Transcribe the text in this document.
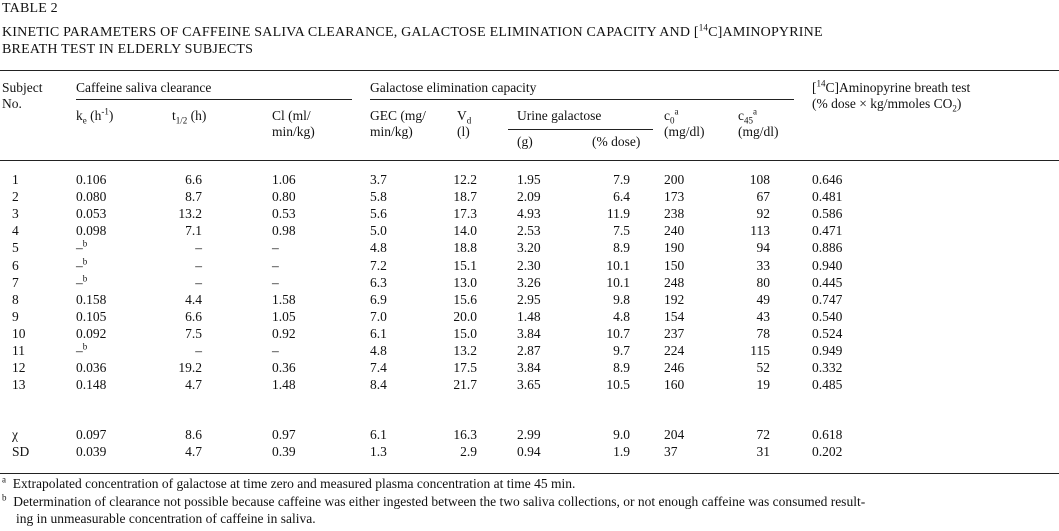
TABLE 2
KINETIC PARAMETERS OF CAFFEINE SALIVA CLEARANCE, GALACTOSE ELIMINATION CAPACITY AND [$^{14}$C]AMINOPYRINE
BREATH TEST IN ELDERLY SUBJECTS
Subject
No.
Caffeine saliva clearance
$k_e$ $(h^{-1})$	$t_{1/2}$ (h)	Cl (ml/
min/kg)
Galactose elimination capacity
GEC (mg/
min/kg)
$V_d$
(l)
Urine galactose
(g)	(% dose)
$c_0^a$
(mg/dl)
$c_{45}^a$
(mg/dl)
[$^{14}$C]Aminopyrine breath test
(% dose × kg/mmoles $CO_2$)
1	0.106	6.6	1.06	3.7	12.2	1.95	7.9	200	108	0.646
2	0.080	8.7	0.80	5.8	18.7	2.09	6.4	173	67	0.481
3	0.053	13.2	0.53	5.6	17.3	4.93	11.9	238	92	0.586
4	0.098	7.1	0.98	5.0	14.0	2.53	7.5	240	113	0.471
5	–$^b$	–	–	4.8	18.8	3.20	8.9	190	94	0.886
6	–$^b$	–	–	7.2	15.1	2.30	10.1	150	33	0.940
7	–$^b$	–	–	6.3	13.0	3.26	10.1	248	80	0.445
8	0.158	4.4	1.58	6.9	15.6	2.95	9.8	192	49	0.747
9	0.105	6.6	1.05	7.0	20.0	1.48	4.8	154	43	0.540
10	0.092	7.5	0.92	6.1	15.0	3.84	10.7	237	78	0.524
11	–$^b$	–	–	4.8	13.2	2.87	9.7	224	115	0.949
12	0.036	19.2	0.36	7.4	17.5	3.84	8.9	246	52	0.332
13	0.148	4.7	1.48	8.4	21.7	3.65	10.5	160	19	0.485
χ	0.097	8.6	0.97	6.1	16.3	2.99	9.0	204	72	0.618
SD	0.039	4.7	0.39	1.3	2.9	0.94	1.9	37	31	0.202
$^a$ Extrapolated concentration of galactose at time zero and measured plasma concentration at time 45 min.
$^b$ Determination of clearance not possible because caffeine was either ingested between the two saliva collections, or not enough caffeine was consumed result-
ing in unmeasurable concentration of caffeine in saliva.
